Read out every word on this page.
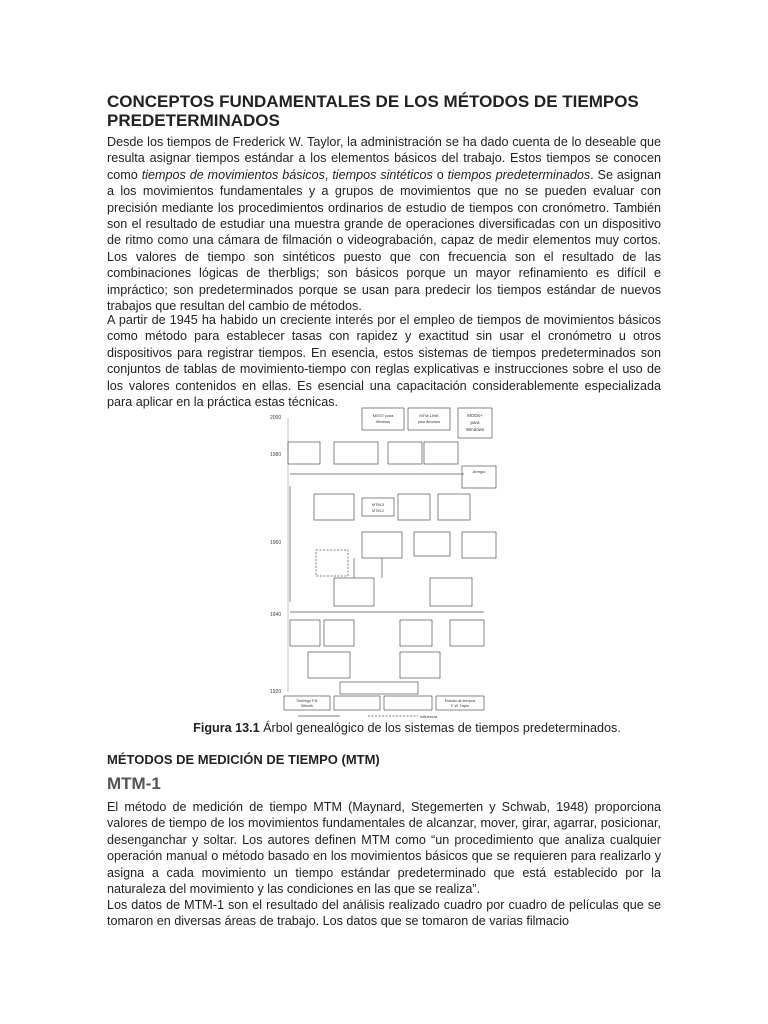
CONCEPTOS FUNDAMENTALES DE LOS MÉTODOS DE TIEMPOS PREDETERMINADOS

Desde los tiempos de Frederick W. Taylor, la administración se ha dado cuenta de lo deseable que resulta asignar tiempos estándar a los elementos básicos del trabajo. Estos tiempos se conocen como tiempos de movimientos básicos, tiempos sintéticos o tiempos predeterminados. Se asignan a los movimientos fundamentales y a grupos de movimientos que no se pueden evaluar con precisión mediante los procedimientos ordinarios de estudio de tiempos con cronómetro. También son el resultado de estudiar una muestra grande de operaciones diversificadas con un dispositivo de ritmo como una cámara de filmación o videograbación, capaz de medir elementos muy cortos. Los valores de tiempo son sintéticos puesto que con frecuencia son el resultado de las combinaciones lógicas de therbligs; son básicos porque un mayor refinamiento es difícil e impráctico; son predeterminados porque se usan para predecir los tiempos estándar de nuevos trabajos que resultan del cambio de métodos.

A partir de 1945 ha habido un creciente interés por el empleo de tiempos de movimientos básicos como método para establecer tasas con rapidez y exactitud sin usar el cronómetro u otros dispositivos para registrar tiempos. En esencia, estos sistemas de tiempos predeterminados son conjuntos de tablas de movimiento-tiempo con reglas explicativas e instrucciones sobre el uso de los valores contenidos en ellas. Es esencial una capacitación considerablemente especializada para aplicar en la práctica estas técnicas.

2000
1980
1960
1940
1920
MOST para
Windows
MTM-LINK
para Windows
MODs+
para
Windows
Arreglo
MTM-3
MTM-2
Therbligs F.B.
Gilbreth
Estudio de tiempos
F. W. Taylor
Influencia

Figura 13.1 Árbol genealógico de los sistemas de tiempos predeterminados.

MÉTODOS DE MEDICIÓN DE TIEMPO (MTM)
MTM-1

El método de medición de tiempo MTM (Maynard, Stegemerten y Schwab, 1948) proporciona valores de tiempo de los movimientos fundamentales de alcanzar, mover, girar, agarrar, posicionar, desenganchar y soltar. Los autores definen MTM como “un procedimiento que analiza cualquier operación manual o método basado en los movimientos básicos que se requieren para realizarlo y asigna a cada movimiento un tiempo estándar predeterminado que está establecido por la naturaleza del movimiento y las condiciones en las que se realiza”.

Los datos de MTM-1 son el resultado del análisis realizado cuadro por cuadro de películas que se tomaron en diversas áreas de trabajo. Los datos que se tomaron de varias filmacio
